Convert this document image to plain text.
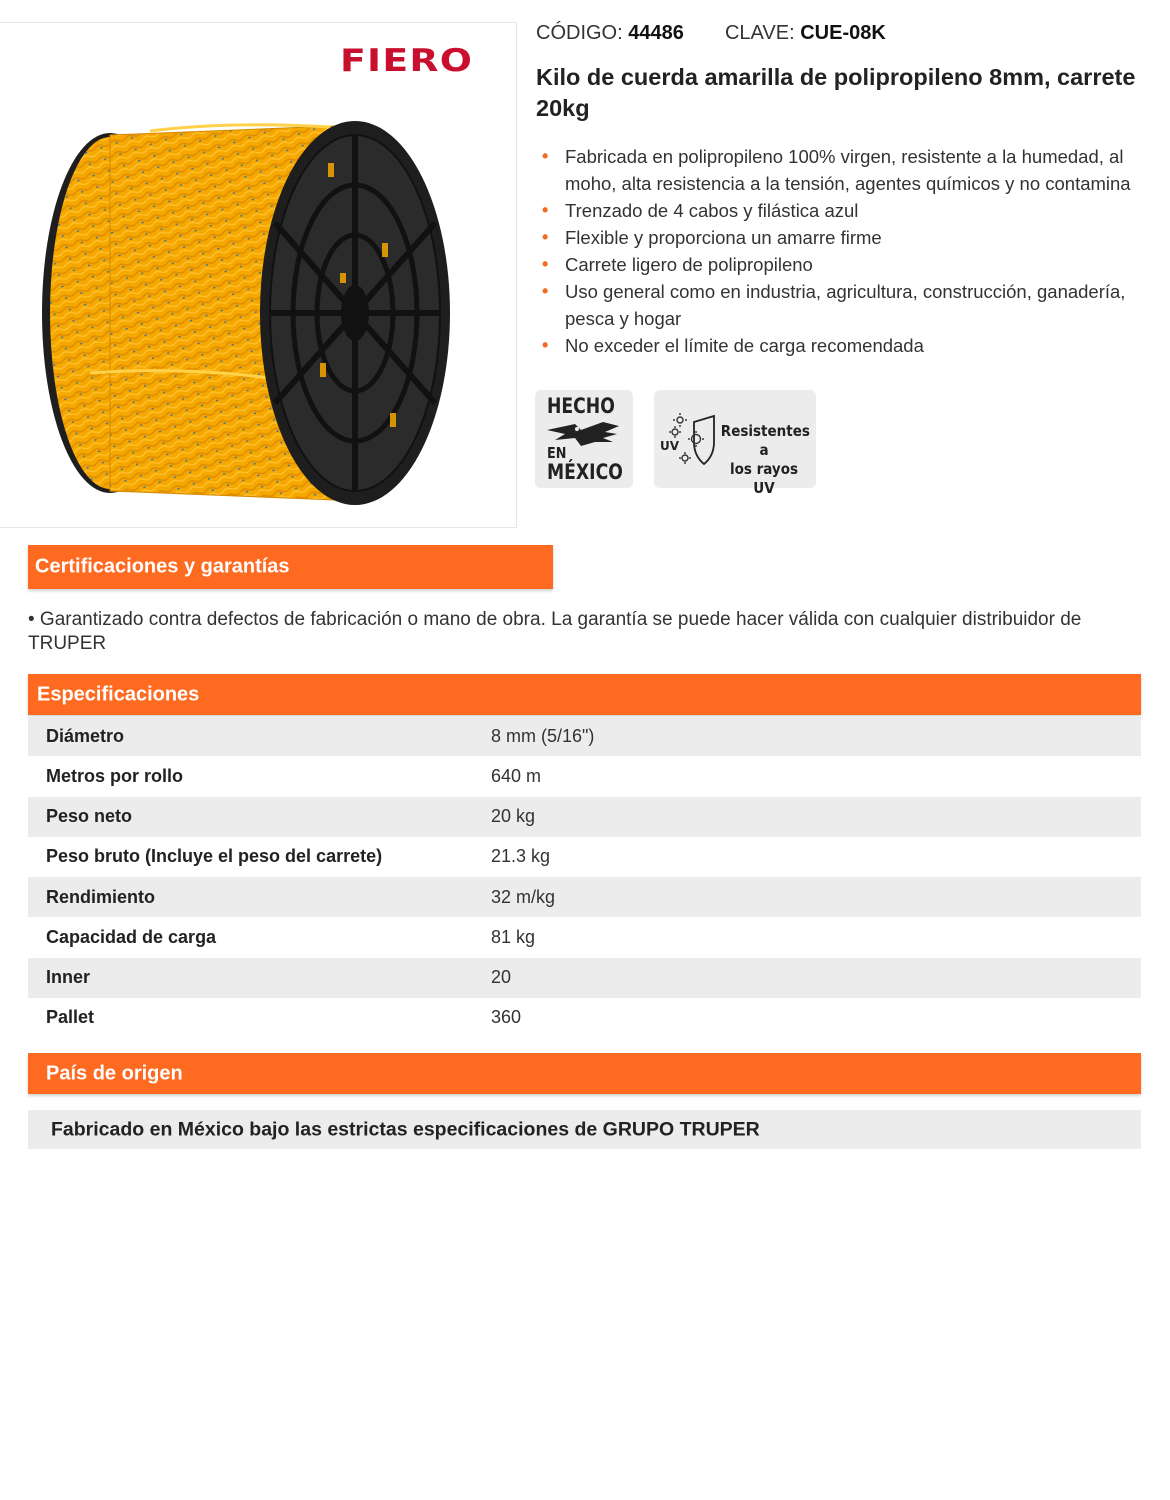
FIERO
CÓDIGO: 44486 CLAVE: CUE-08K
Kilo de cuerda amarilla de polipropileno 8mm, carrete 20kg
• Fabricada en polipropileno 100% virgen, resistente a la humedad, al moho, alta resistencia a la tensión, agentes químicos y no contamina
• Trenzado de 4 cabos y filástica azul
• Flexible y proporciona un amarre firme
• Carrete ligero de polipropileno
• Uso general como en industria, agricultura, construcción, ganadería, pesca y hogar
• No exceder el límite de carga recomendada
HECHO
EN
MÉXICO
UV
Resistentes a
los rayos UV
Certificaciones y garantías

• Garantizado contra defectos de fabricación o mano de obra. La garantía se puede hacer válida con cualquier distribuidor de TRUPER

Especificaciones
Diámetro	8 mm (5/16")
Metros por rollo	640 m
Peso neto	20 kg
Peso bruto (Incluye el peso del carrete)	21.3 kg
Rendimiento	32 m/kg
Capacidad de carga	81 kg
Inner	20
Pallet	360
País de origen
Fabricado en México bajo las estrictas especificaciones de GRUPO TRUPER
